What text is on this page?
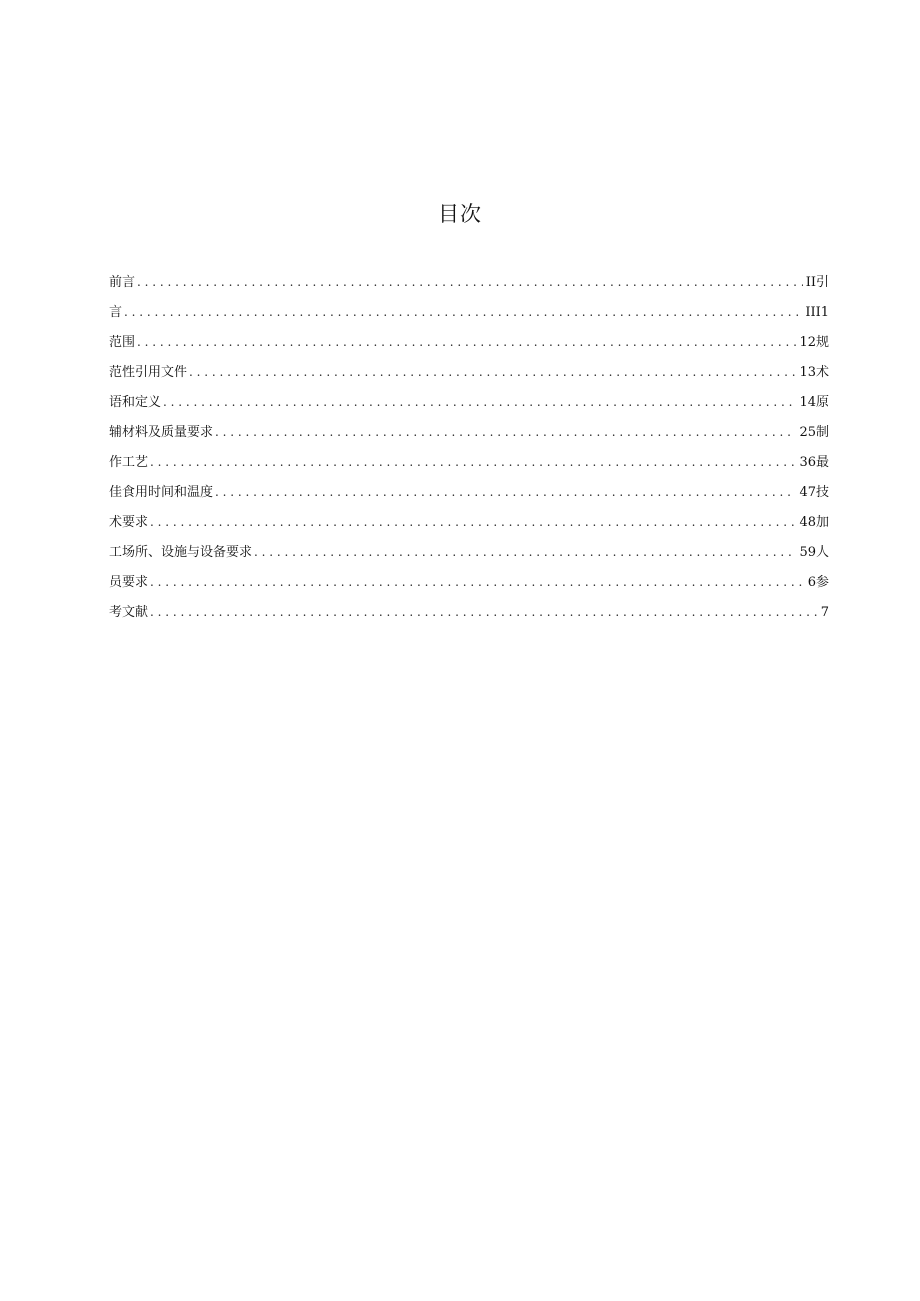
目次
前言 . . .	II引
言 . . .	III1
范围 . . .	12规
范性引用文件 . . .	13术
语和定义 . . .	14原
辅材料及质量要求 . . .	25制
作工艺 . . .	36最
佳食用时间和温度 . . .	47技
术要求 . . .	48加
工场所、设施与设备要求 . . .	59人
员要求 . . .	6参
考文献 . . .	7
